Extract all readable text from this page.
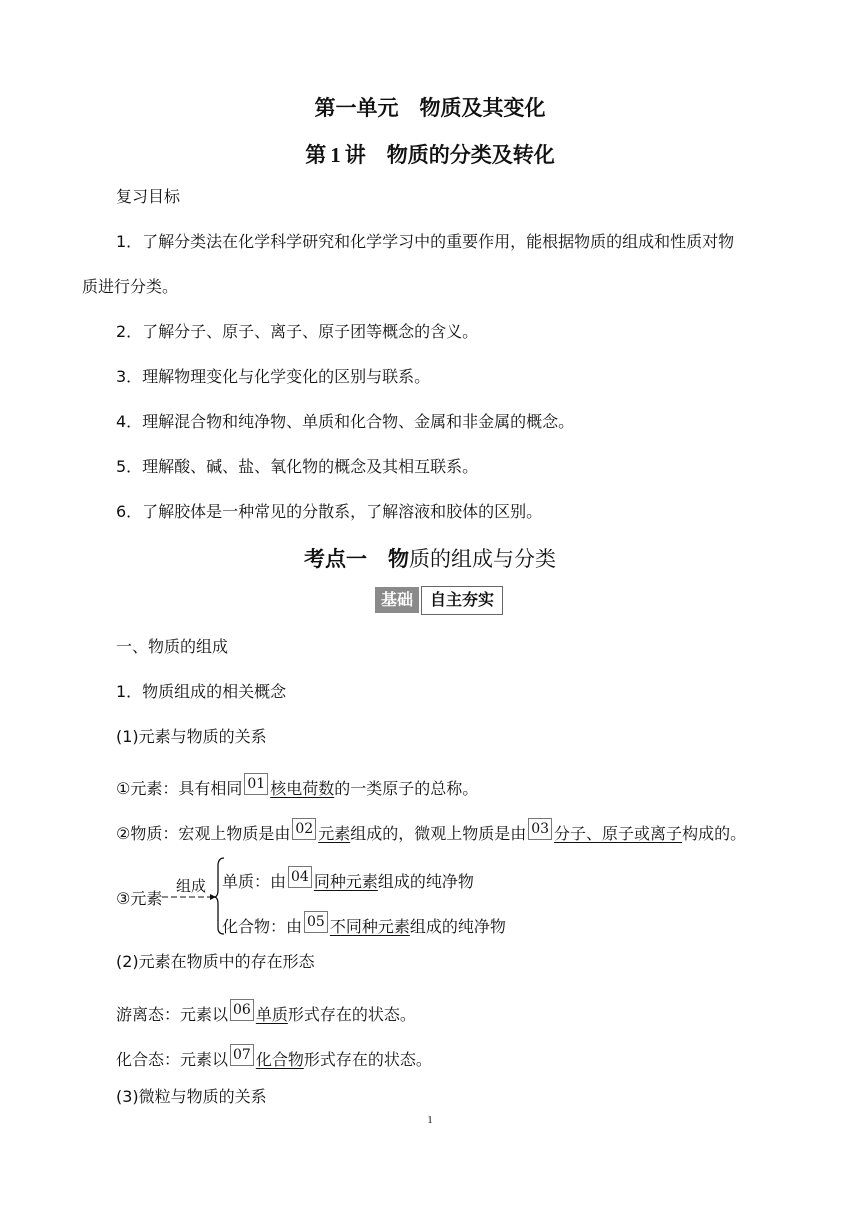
第一单元　物质及其变化
第 1 讲　物质的分类及转化
复习目标
1．了解分类法在化学科学研究和化学学习中的重要作用，能根据物质的组成和性质对物
质进行分类。
2．了解分子、原子、离子、原子团等概念的含义。
3．理解物理变化与化学变化的区别与联系。
4．理解混合物和纯净物、单质和化合物、金属和非金属的概念。
5．理解酸、碱、盐、氧化物的概念及其相互联系。
6．了解胶体是一种常见的分散系，了解溶液和胶体的区别。
考点一　物质的组成与分类
基础	自主夯实
一、物质的组成
1．物质组成的相关概念
(1)元素与物质的关系
①元素：具有相同 01 核电荷数的一类原子的总称。
②物质：宏观上物质是由 02 元素组成的，微观上物质是由 03 分子、原子或离子构成的。
③元素
组成 单质：由 04 同种元素组成的纯净物
化合物：由 05 不同种元素组成的纯净物
(2)元素在物质中的存在形态
游离态：元素以 06 单质形式存在的状态。
化合态：元素以 07 化合物形式存在的状态。
(3)微粒与物质的关系
1
